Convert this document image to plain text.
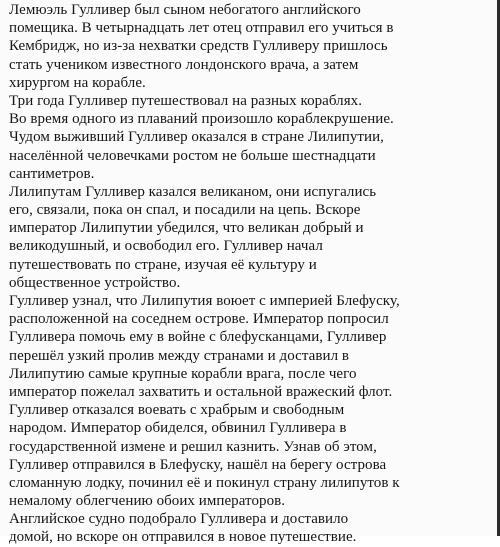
Лемюэль Гулливер был сыном небогатого английского
помещика. В четырнадцать лет отец отправил его учиться в
Кембридж, но из-за нехватки средств Гулливеру пришлось
стать учеником известного лондонского врача, а затем
хирургом на корабле.
Три года Гулливер путешествовал на разных кораблях.
Во время одного из плаваний произошло кораблекрушение.
Чудом выживший Гулливер оказался в стране Лилипутии,
населённой человечками ростом не больше шестнадцати
сантиметров.
Лилипутам Гулливер казался великаном, они испугались
его, связали, пока он спал, и посадили на цепь. Вскоре
император Лилипутии убедился, что великан добрый и
великодушный, и освободил его. Гулливер начал
путешествовать по стране, изучая её культуру и
общественное устройство.
Гулливер узнал, что Лилипутия воюет с империей Блефуску,
расположенной на соседнем острове. Император попросил
Гулливера помочь ему в войне с блефусканцами, Гулливер
перешёл узкий пролив между странами и доставил в
Лилипутию самые крупные корабли врага, после чего
император пожелал захватить и остальной вражеский флот.
Гулливер отказался воевать с храбрым и свободным
народом. Император обиделся, обвинил Гулливера в
государственной измене и решил казнить. Узнав об этом,
Гулливер отправился в Блефуску, нашёл на берегу острова
сломанную лодку, починил её и покинул страну лилипутов к
немалому облегчению обоих императоров.
Английское судно подобрало Гулливера и доставило
домой, но вскоре он отправился в новое путешествие.
